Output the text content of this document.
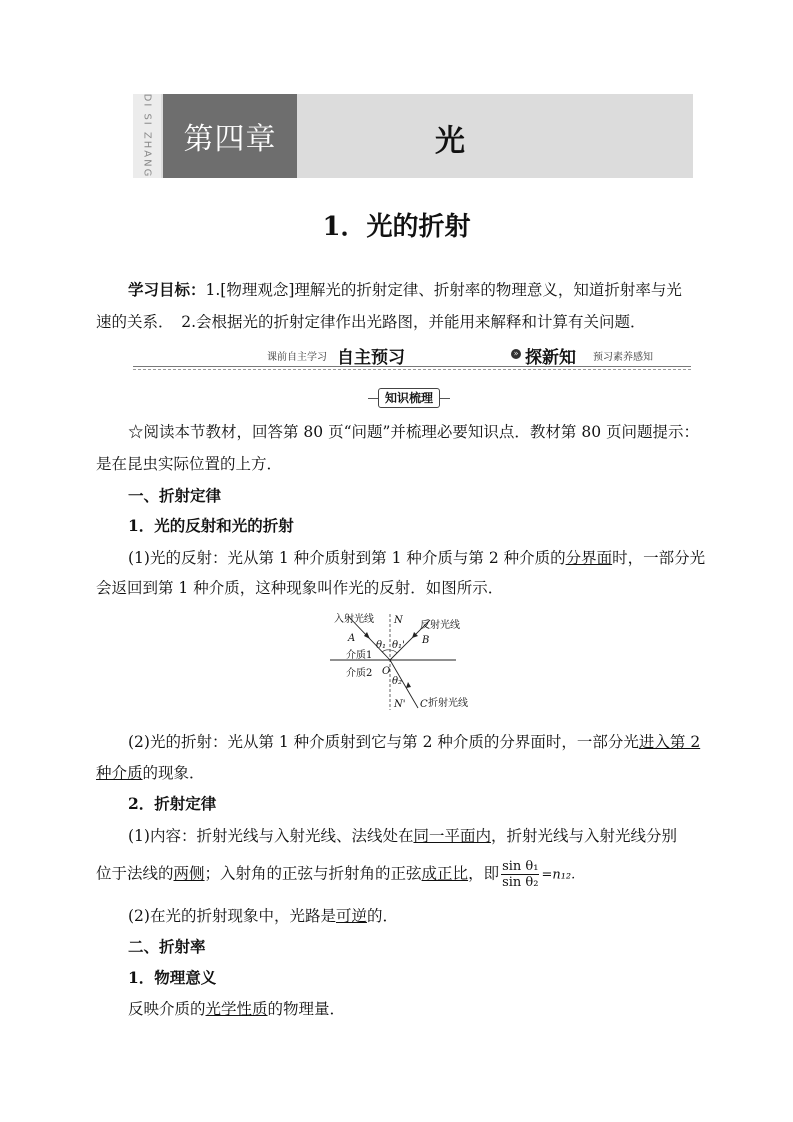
DI SI ZHANG	第四章	光
1．光的折射
学习目标：1.[物理观念]理解光的折射定律、折射率的物理意义，知道折射率与光
速的关系．　2.会根据光的折射定律作出光路图，并能用来解释和计算有关问题．
课前自主学习 自主预习	» 探新知 预习素养感知
知识梳理
☆阅读本节教材，回答第 80 页“问题”并梳理必要知识点．教材第 80 页问题提示：
是在昆虫实际位置的上方．
一、折射定律
1．光的反射和光的折射
(1)光的反射：光从第 1 种介质射到第 1 种介质与第 2 种介质的分界面时，一部分光
会返回到第 1 种介质，这种现象叫作光的反射．如图所示．
入射光线
反射光线
折射光线
N
N'
A	B
C
O
介质1
介质2
θ₁ θ₁'
θ₂
(2)光的折射：光从第 1 种介质射到它与第 2 种介质的分界面时，一部分光进入第 2
种介质的现象．
2．折射定律
(1)内容：折射光线与入射光线、法线处在同一平面内，折射光线与入射光线分别
位于法线的两侧；入射角的正弦与折射角的正弦成正比，即 $\frac{\text{sin θ₁}}{\text{sin θ₂}} =n_{12}$.
(2)在光的折射现象中，光路是可逆的．
二、折射率
1．物理意义
反映介质的光学性质的物理量．
